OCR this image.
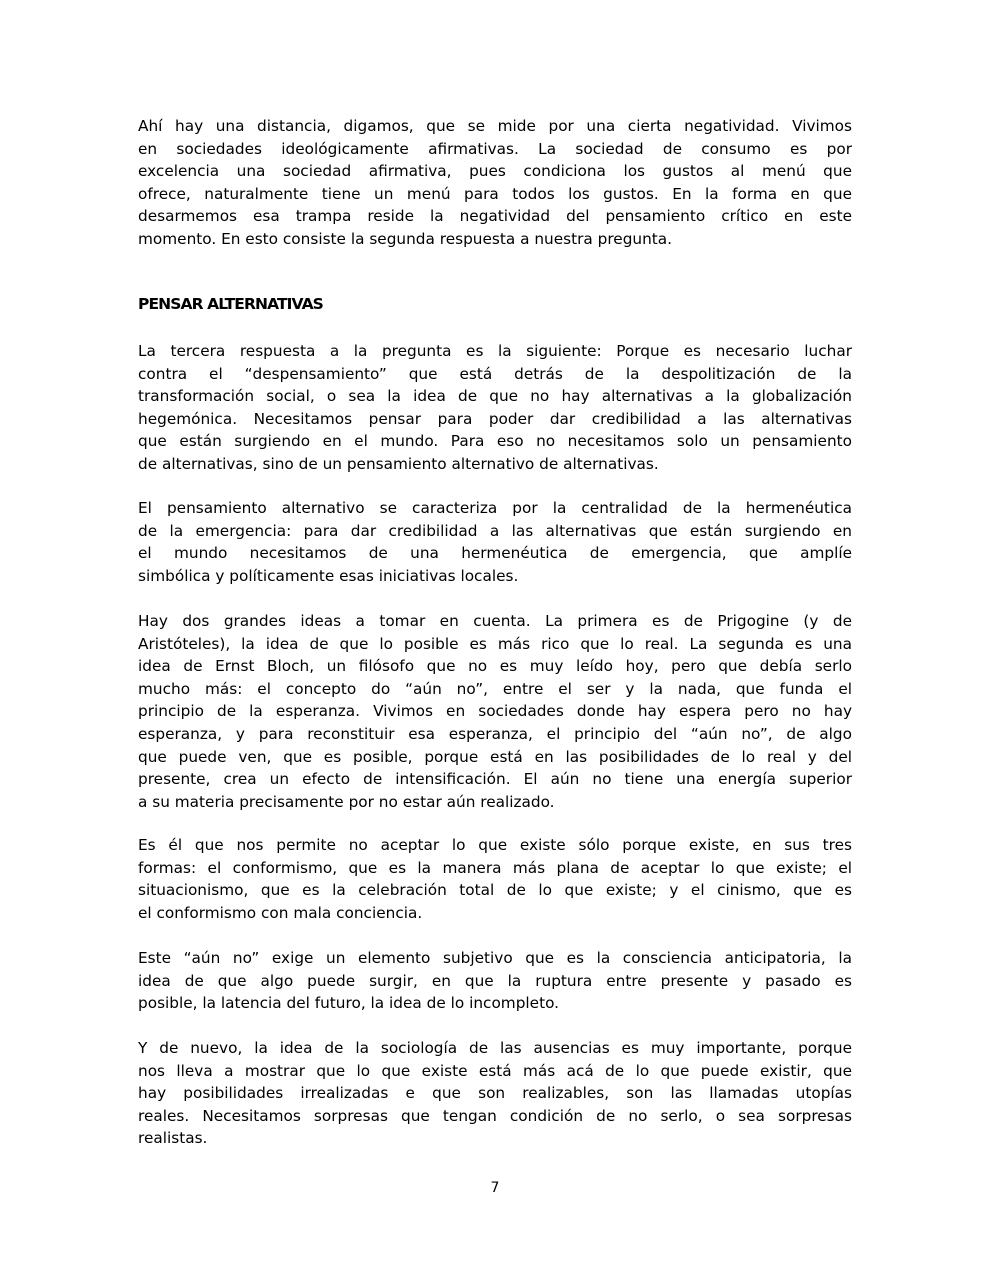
Ahí hay una distancia, digamos, que se mide por una cierta negatividad. Vivimos
en sociedades ideológicamente afirmativas. La sociedad de consumo es por
excelencia una sociedad afirmativa, pues condiciona los gustos al menú que
ofrece, naturalmente tiene un menú para todos los gustos. En la forma en que
desarmemos esa trampa reside la negatividad del pensamiento crítico en este
momento. En esto consiste la segunda respuesta a nuestra pregunta.
PENSAR ALTERNATIVAS
La tercera respuesta a la pregunta es la siguiente: Porque es necesario luchar
contra el “despensamiento” que está detrás de la despolitización de la
transformación social, o sea la idea de que no hay alternativas a la globalización
hegemónica. Necesitamos pensar para poder dar credibilidad a las alternativas
que están surgiendo en el mundo. Para eso no necesitamos solo un pensamiento
de alternativas, sino de un pensamiento alternativo de alternativas.
El pensamiento alternativo se caracteriza por la centralidad de la hermenéutica
de la emergencia: para dar credibilidad a las alternativas que están surgiendo en
el mundo necesitamos de una hermenéutica de emergencia, que amplíe
simbólica y políticamente esas iniciativas locales.
Hay dos grandes ideas a tomar en cuenta. La primera es de Prigogine (y de
Aristóteles), la idea de que lo posible es más rico que lo real. La segunda es una
idea de Ernst Bloch, un filósofo que no es muy leído hoy, pero que debía serlo
mucho más: el concepto do “aún no”, entre el ser y la nada, que funda el
principio de la esperanza. Vivimos en sociedades donde hay espera pero no hay
esperanza, y para reconstituir esa esperanza, el principio del “aún no”, de algo
que puede ven, que es posible, porque está en las posibilidades de lo real y del
presente, crea un efecto de intensificación. El aún no tiene una energía superior
a su materia precisamente por no estar aún realizado.
Es él que nos permite no aceptar lo que existe sólo porque existe, en sus tres
formas: el conformismo, que es la manera más plana de aceptar lo que existe; el
situacionismo, que es la celebración total de lo que existe; y el cinismo, que es
el conformismo con mala conciencia.
Este “aún no” exige un elemento subjetivo que es la consciencia anticipatoria, la
idea de que algo puede surgir, en que la ruptura entre presente y pasado es
posible, la latencia del futuro, la idea de lo incompleto.
Y de nuevo, la idea de la sociología de las ausencias es muy importante, porque
nos lleva a mostrar que lo que existe está más acá de lo que puede existir, que
hay posibilidades irrealizadas e que son realizables, son las llamadas utopías
reales. Necesitamos sorpresas que tengan condición de no serlo, o sea sorpresas
realistas.
7
